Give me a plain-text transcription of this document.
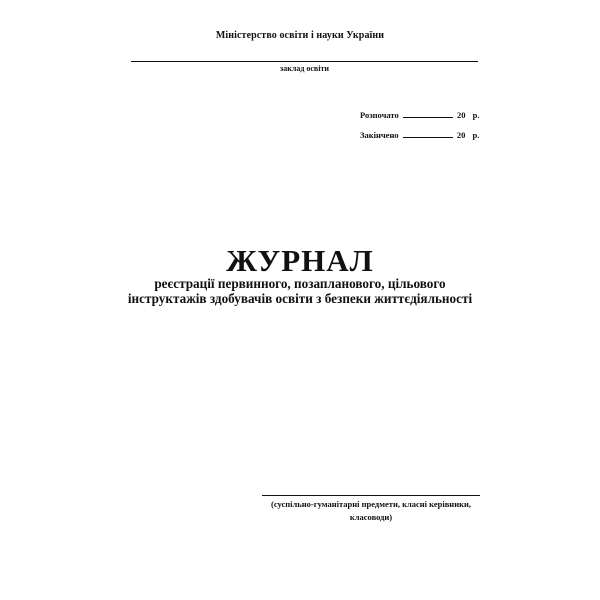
Міністерство освіти і науки України
заклад освіти
Розпочато	20 р.
Закінчено	20 р.
ЖУРНАЛ
реєстрації первинного, позапланового, цільового
інструктажів здобувачів освіти з безпеки життєдіяльності
(суспільно-гуманітарні предмети, класні керівники,
класоводи)
